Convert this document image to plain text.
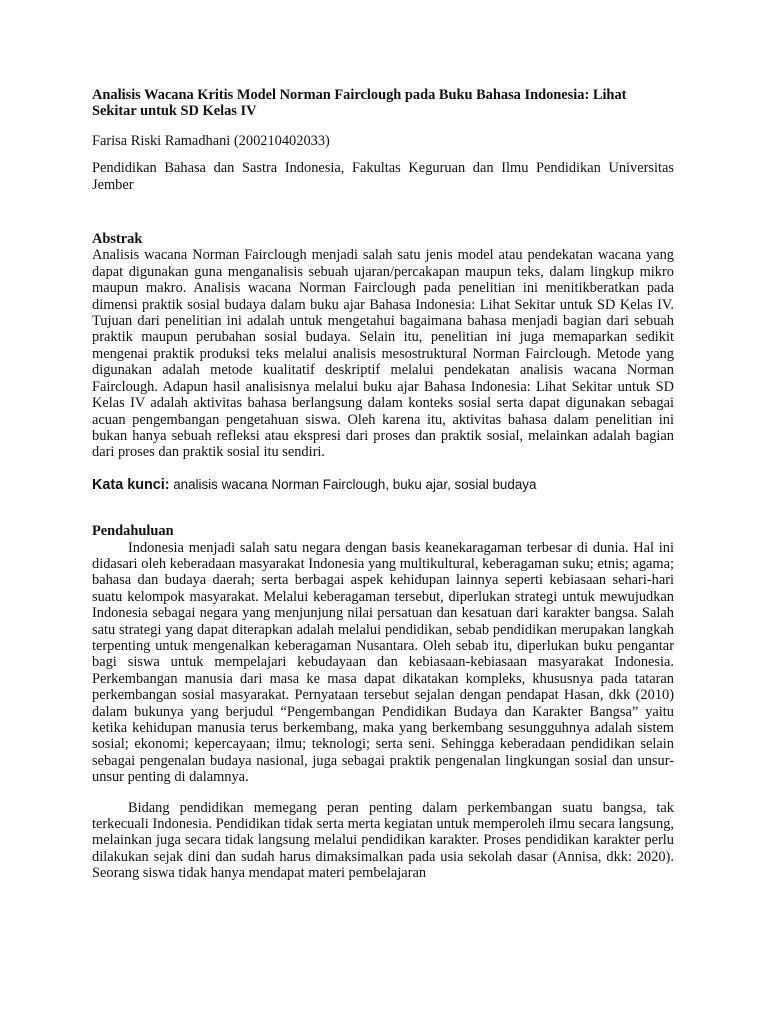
Analisis Wacana Kritis Model Norman Fairclough pada Buku Bahasa Indonesia: Lihat Sekitar untuk SD Kelas IV
Farisa Riski Ramadhani (200210402033)
Pendidikan Bahasa dan Sastra Indonesia, Fakultas Keguruan dan Ilmu Pendidikan Universitas Jember
Abstrak
Analisis wacana Norman Fairclough menjadi salah satu jenis model atau pendekatan wacana yang dapat digunakan guna menganalisis sebuah ujaran/percakapan maupun teks, dalam lingkup mikro maupun makro. Analisis wacana Norman Fairclough pada penelitian ini menitikberatkan pada dimensi praktik sosial budaya dalam buku ajar Bahasa Indonesia: Lihat Sekitar untuk SD Kelas IV. Tujuan dari penelitian ini adalah untuk mengetahui bagaimana bahasa menjadi bagian dari sebuah praktik maupun perubahan sosial budaya. Selain itu, penelitian ini juga memaparkan sedikit mengenai praktik produksi teks melalui analisis mesostruktural Norman Fairclough. Metode yang digunakan adalah metode kualitatif deskriptif melalui pendekatan analisis wacana Norman Fairclough. Adapun hasil analisisnya melalui buku ajar Bahasa Indonesia: Lihat Sekitar untuk SD Kelas IV adalah aktivitas bahasa berlangsung dalam konteks sosial serta dapat digunakan sebagai acuan pengembangan pengetahuan siswa. Oleh karena itu, aktivitas bahasa dalam penelitian ini bukan hanya sebuah refleksi atau ekspresi dari proses dan praktik sosial, melainkan adalah bagian dari proses dan praktik sosial itu sendiri.
Kata kunci: analisis wacana Norman Fairclough, buku ajar, sosial budaya
Pendahuluan
Indonesia menjadi salah satu negara dengan basis keanekaragaman terbesar di dunia. Hal ini didasari oleh keberadaan masyarakat Indonesia yang multikultural, keberagaman suku; etnis; agama; bahasa dan budaya daerah; serta berbagai aspek kehidupan lainnya seperti kebiasaan sehari-hari suatu kelompok masyarakat. Melalui keberagaman tersebut, diperlukan strategi untuk mewujudkan Indonesia sebagai negara yang menjunjung nilai persatuan dan kesatuan dari karakter bangsa. Salah satu strategi yang dapat diterapkan adalah melalui pendidikan, sebab pendidikan merupakan langkah terpenting untuk mengenalkan keberagaman Nusantara. Oleh sebab itu, diperlukan buku pengantar bagi siswa untuk mempelajari kebudayaan dan kebiasaan-kebiasaan masyarakat Indonesia. Perkembangan manusia dari masa ke masa dapat dikatakan kompleks, khususnya pada tataran perkembangan sosial masyarakat. Pernyataan tersebut sejalan dengan pendapat Hasan, dkk (2010) dalam bukunya yang berjudul “Pengembangan Pendidikan Budaya dan Karakter Bangsa” yaitu ketika kehidupan manusia terus berkembang, maka yang berkembang sesungguhnya adalah sistem sosial; ekonomi; kepercayaan; ilmu; teknologi; serta seni. Sehingga keberadaan pendidikan selain sebagai pengenalan budaya nasional, juga sebagai praktik pengenalan lingkungan sosial dan unsur-unsur penting di dalamnya.
Bidang pendidikan memegang peran penting dalam perkembangan suatu bangsa, tak terkecuali Indonesia. Pendidikan tidak serta merta kegiatan untuk memperoleh ilmu secara langsung, melainkan juga secara tidak langsung melalui pendidikan karakter. Proses pendidikan karakter perlu dilakukan sejak dini dan sudah harus dimaksimalkan pada usia sekolah dasar (Annisa, dkk: 2020). Seorang siswa tidak hanya mendapat materi pembelajaran
